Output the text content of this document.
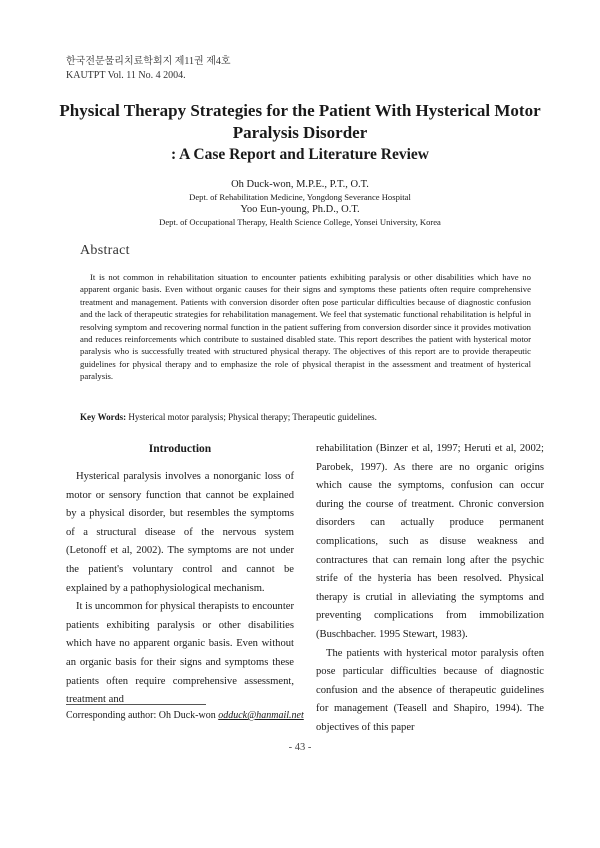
한국전문물리치료학회지 제11권 제4호
KAUTPT Vol. 11 No. 4 2004.
Physical Therapy Strategies for the Patient With Hysterical Motor
Paralysis Disorder
: A Case Report and Literature Review
Oh Duck-won, M.P.E., P.T., O.T.
Dept. of Rehabilitation Medicine, Yongdong Severance Hospital
Yoo Eun-young, Ph.D., O.T.
Dept. of Occupational Therapy, Health Science College, Yonsei University, Korea
Abstract
It is not common in rehabilitation situation to encounter patients exhibiting paralysis or other disabilities which have no apparent organic basis. Even without organic causes for their signs and symptoms these patients often require comprehensive treatment and management. Patients with conversion disorder often pose particular difficulties because of diagnostic confusion and the lack of therapeutic strategies for rehabilitation management. We feel that systematic functional rehabilitation is helpful in resolving symptom and recovering normal function in the patient suffering from conversion disorder since it provides motivation and reduces reinforcements which contribute to sustained disabled state. This report describes the patient with hysterical motor paralysis who is successfully treated with structured physical therapy. The objectives of this report are to provide therapeutic guidelines for physical therapy and to emphasize the role of physical therapist in the assessment and treatment of hysterical paralysis.
Key Words: Hysterical motor paralysis; Physical therapy; Therapeutic guidelines.
Introduction

Hysterical paralysis involves a nonorganic loss of motor or sensory function that cannot be explained by a physical disorder, but resembles the symptoms of a structural disease of the nervous system (Letonoff et al, 2002). The symptoms are not under the patient's voluntary control and cannot be explained by a pathophysiological mechanism.

It is uncommon for physical therapists to encounter patients exhibiting paralysis or other disabilities which have no apparent organic basis. Even without an organic basis for their signs and symptoms these patients often require comprehensive assessment, treatment and

rehabilitation (Binzer et al, 1997; Heruti et al, 2002; Parobek, 1997). As there are no organic origins which cause the symptoms, confusion can occur during the course of treatment. Chronic conversion disorders can actually produce permanent complications, such as disuse weakness and contractures that can remain long after the psychic strife of the hysteria has been resolved. Physical therapy is crutial in alleviating the symptoms and preventing complications from immobilization (Buschbacher. 1995 Stewart, 1983).

The patients with hysterical motor paralysis often pose particular difficulties because of diagnostic confusion and the absence of therapeutic guidelines for management (Teasell and Shapiro, 1994). The objectives of this paper

Corresponding author: Oh Duck-won odduck@hanmail.net
- 43 -
